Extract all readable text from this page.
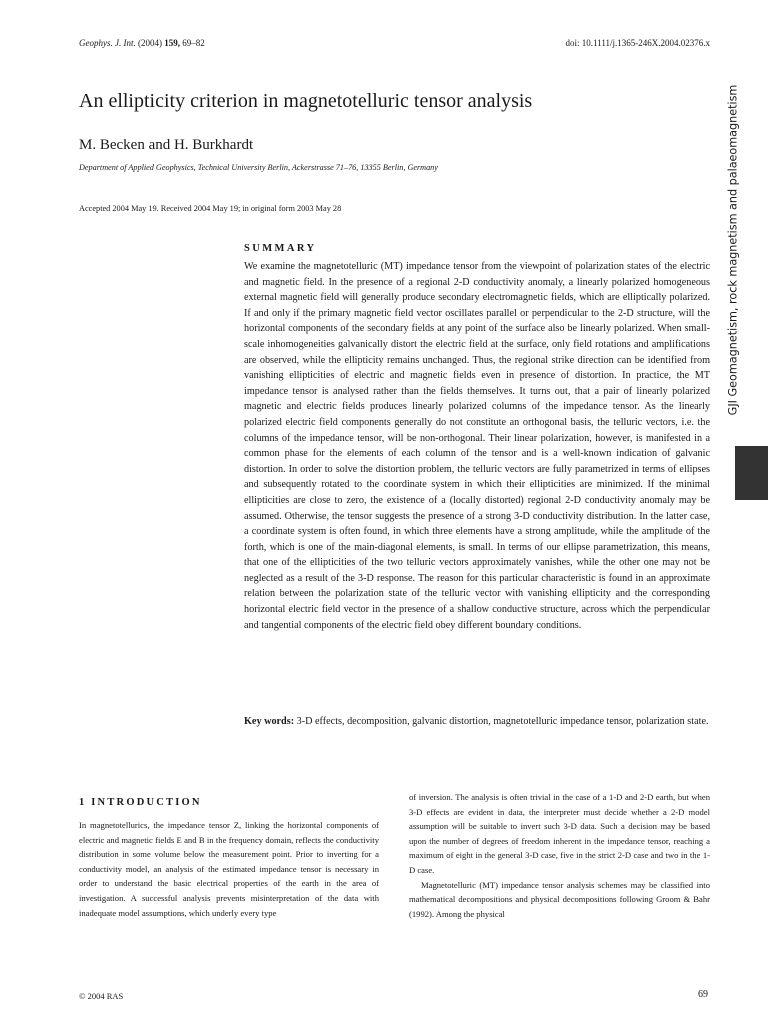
Geophys. J. Int. (2004) 159, 69–82	doi: 10.1111/j.1365-246X.2004.02376.x
An ellipticity criterion in magnetotelluric tensor analysis
M. Becken and H. Burkhardt
Department of Applied Geophysics, Technical University Berlin, Ackerstrasse 71–76, 13355 Berlin, Germany
Accepted 2004 May 19. Received 2004 May 19; in original form 2003 May 28
SUMMARY
We examine the magnetotelluric (MT) impedance tensor from the viewpoint of polarization states of the electric and magnetic field. In the presence of a regional 2-D conductivity anomaly, a linearly polarized homogeneous external magnetic field will generally produce secondary electromagnetic fields, which are elliptically polarized. If and only if the primary magnetic field vector oscillates parallel or perpendicular to the 2-D structure, will the horizontal components of the secondary fields at any point of the surface also be linearly polarized. When small-scale inhomogeneities galvanically distort the electric field at the surface, only field rotations and amplifications are observed, while the ellipticity remains unchanged. Thus, the regional strike direction can be identified from vanishing ellipticities of electric and magnetic fields even in presence of distortion. In practice, the MT impedance tensor is analysed rather than the fields themselves. It turns out, that a pair of linearly polarized magnetic and electric fields produces linearly polarized columns of the impedance tensor. As the linearly polarized electric field components generally do not constitute an orthogonal basis, the telluric vectors, i.e. the columns of the impedance tensor, will be non-orthogonal. Their linear polarization, however, is manifested in a common phase for the elements of each column of the tensor and is a well-known indication of galvanic distortion. In order to solve the distortion problem, the telluric vectors are fully parametrized in terms of ellipses and subsequently rotated to the coordinate system in which their ellipticities are minimized. If the minimal ellipticities are close to zero, the existence of a (locally distorted) regional 2-D conductivity anomaly may be assumed. Otherwise, the tensor suggests the presence of a strong 3-D conductivity distribution. In the latter case, a coordinate system is often found, in which three elements have a strong amplitude, while the amplitude of the forth, which is one of the main-diagonal elements, is small. In terms of our ellipse parametrization, this means, that one of the ellipticities of the two telluric vectors approximately vanishes, while the other one may not be neglected as a result of the 3-D response. The reason for this particular characteristic is found in an approximate relation between the polarization state of the telluric vector with vanishing ellipticity and the corresponding horizontal electric field vector in the presence of a shallow conductive structure, across which the perpendicular and tangential components of the electric field obey different boundary conditions.
Key words: 3-D effects, decomposition, galvanic distortion, magnetotelluric impedance tensor, polarization state.
1 INTRODUCTION
In magnetotellurics, the impedance tensor Z, linking the horizontal components of electric and magnetic fields E and B in the frequency domain, reflects the conductivity distribution in some volume below the measurement point. Prior to inverting for a conductivity model, an analysis of the estimated impedance tensor is necessary in order to understand the basic electrical properties of the earth in the area of investigation. A successful analysis prevents misinterpretation of the data with inadequate model assumptions, which underly every type

of inversion. The analysis is often trivial in the case of a 1-D and 2-D earth, but when 3-D effects are evident in data, the interpreter must decide whether a 2-D model assumption will be suitable to invert such 3-D data. Such a decision may be based upon the number of degrees of freedom inherent in the impedance tensor, reaching a maximum of eight in the general 3-D case, five in the strict 2-D case and two in the 1-D case.

Magnetotelluric (MT) impedance tensor analysis schemes may be classified into mathematical decompositions and physical decompositions following Groom & Bahr (1992). Among the physical

© 2004 RAS	69
GJI Geomagnetism, rock magnetism and palaeomagnetism
